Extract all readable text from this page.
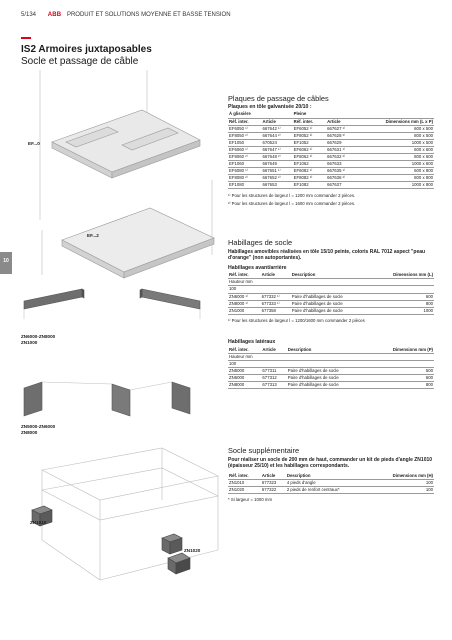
5/134 ABB PRODUIT ET SOLUTIONS MOYENNE ET BASSE TENSION
IS2 Armoires juxtaposables
Socle et passage de câble
10
EF...0
EF...2
ZN6000-ZN8000
ZN1000
ZN5000-ZN6000
ZN8000
ZN1010
ZN1020
Plaques de passage de câbles
Plaques en tôle galvanisée 20/10 :
À glissière		Pleine		
Réf. inter.	Article	Réf. inter.	Article	Dimensions mm (L x P)
EF6050 ¹⁾	667642 ¹⁾	EF6052 ¹⁾	667627 ¹⁾	600 x 500
EF8050 ²⁾	667644 ²⁾	EF8052 ²⁾	667628 ²⁾	800 x 500
EF1050	670524	EF1052	667629	1000 x 500
EF6060 ¹⁾	667647 ¹⁾	EF6062 ¹⁾	667631 ¹⁾	600 x 600
EF8060 ²⁾	667648 ²⁾	EF8062 ²⁾	667632 ²⁾	800 x 600
EF1060	667649	EF1062	667633	1000 x 600
EF6080 ¹⁾	667651 ¹⁾	EF6082 ¹⁾	667635 ¹⁾	600 x 800
EF8080 ²⁾	667652 ²⁾	EF8082 ²⁾	667636 ²⁾	800 x 800
EF1080	667653	EF1082	667637	1000 x 800
¹⁾ Pour les structures de largeur l = 1200 mm commander 2 pièces.
²⁾ Pour les structures de largeur l = 1600 mm commander 2 pièces.
Habillages de socle
Habillages amovibles réalisées en tôle 15/10 peinte, coloris RAL 7012 aspect "peau d'orange" (non autoportantes).
Habillages avant/arrière
Réf. inter.	Article	Description	Dimensions mm (L)
Hauteur mm			
100			
ZN6000 ¹⁾	677332 ¹⁾	Paire d'habillages de socle	600
ZN8000 ¹⁾	677333 ¹⁾	Paire d'habillages de socle	800
ZN1000	677358	Paire d'habillages de socle	1000
¹⁾ Pour les structures de largeur l = 1200/1600 mm commander 2 pièces
Habillages latéraux
Réf. inter.	Article	Description	Dimensions mm (P)
Hauteur mm			
100			
ZN5000	677311	Paire d'habillages de socle	500
ZN6000	677312	Paire d'habillages de socle	600
ZN8000	677313	Paire d'habillages de socle	800
Socle supplémentaire
Pour réaliser un socle de 200 mm de haut, commander un kit de pieds d'angle ZN1010 (épaisseur 25/10) et les habillages correspondants.
Réf. inter.	Article	Description	Dimensions mm (H)
ZN1010	677323	4 pieds d'angle	100
ZN1020	677322	2 pieds de renfort centraux*	100
* Si largeur = 1000 mm
